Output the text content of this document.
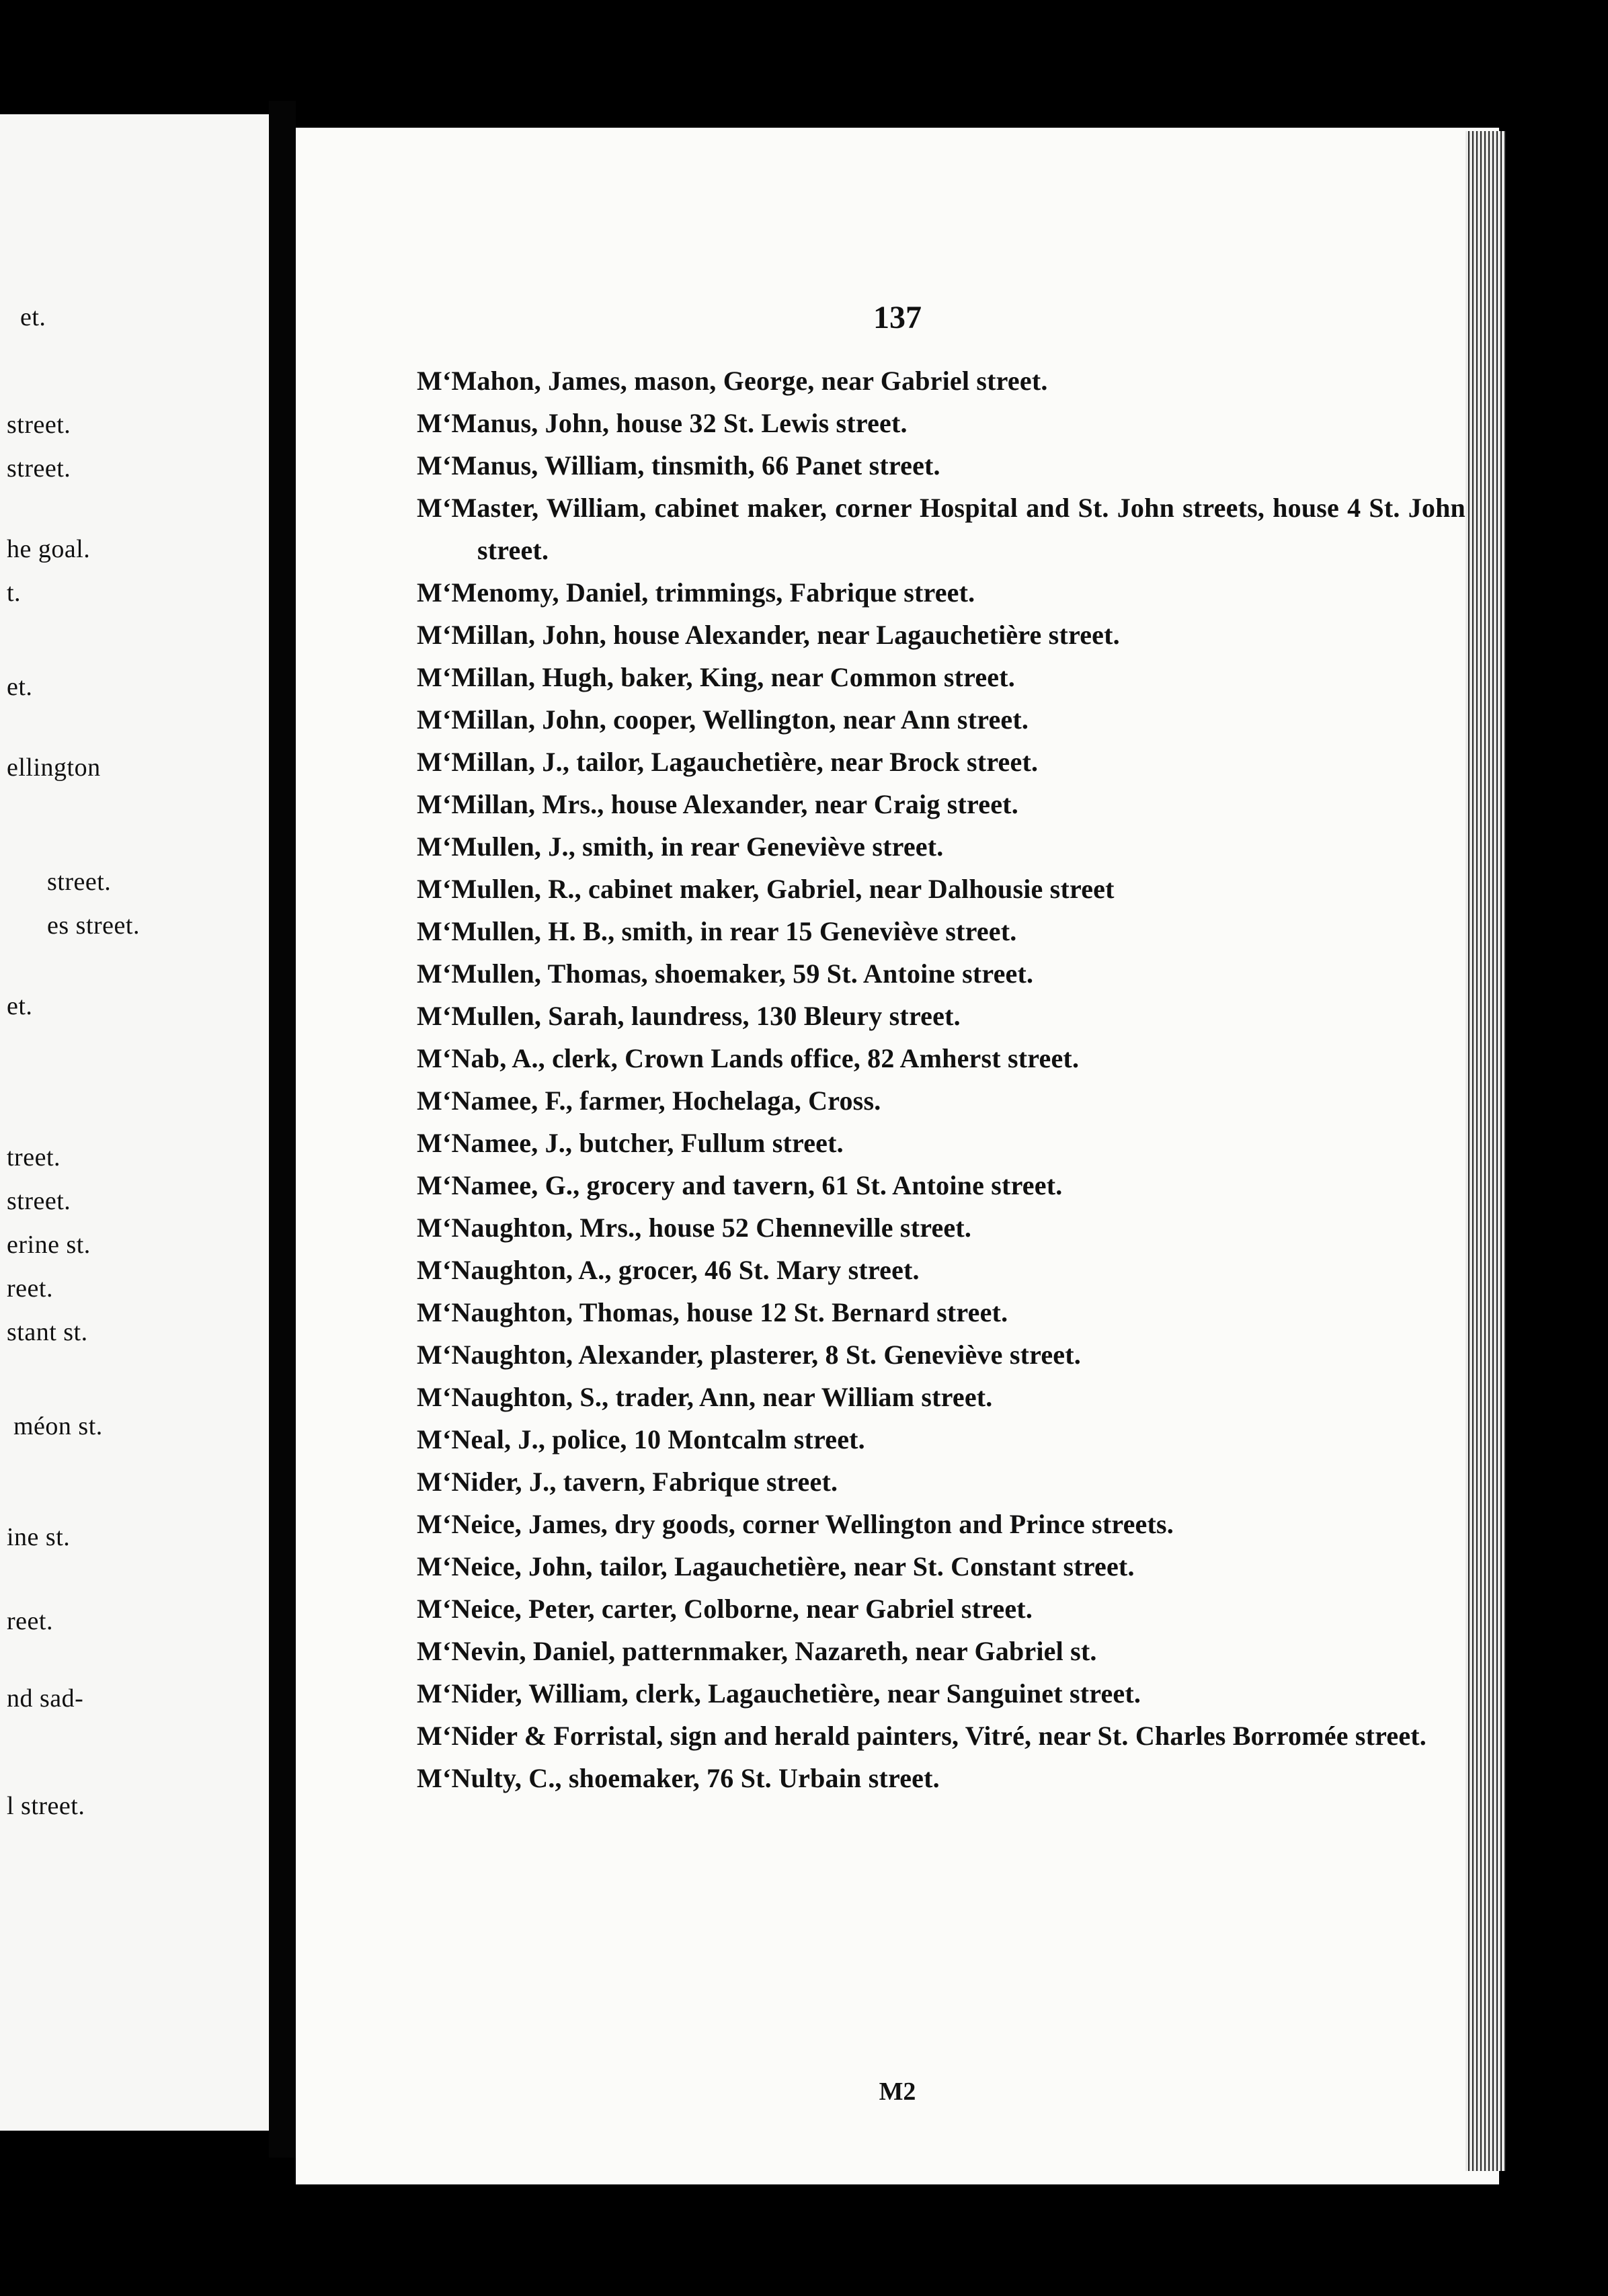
et.
street.
street.
he goal.
t.
et.
ellington
street.
es street.
et.
treet.
street.
erine st.
reet.
stant st.
méon st.
ine st.
reet.
nd sad-
l street.
137
M‘Mahon, James, mason, George, near Gabriel street.
M‘Manus, John, house 32 St. Lewis street.
M‘Manus, William, tinsmith, 66 Panet street.
M‘Master, William, cabinet maker, corner Hospital and St. John streets, house 4 St. John street.
M‘Menomy, Daniel, trimmings, Fabrique street.
M‘Millan, John, house Alexander, near Lagauchetière street.
M‘Millan, Hugh, baker, King, near Common street.
M‘Millan, John, cooper, Wellington, near Ann street.
M‘Millan, J., tailor, Lagauchetière, near Brock street.
M‘Millan, Mrs., house Alexander, near Craig street.
M‘Mullen, J., smith, in rear Geneviève street.
M‘Mullen, R., cabinet maker, Gabriel, near Dalhousie street
M‘Mullen, H. B., smith, in rear 15 Geneviève street.
M‘Mullen, Thomas, shoemaker, 59 St. Antoine street.
M‘Mullen, Sarah, laundress, 130 Bleury street.
M‘Nab, A., clerk, Crown Lands office, 82 Amherst street.
M‘Namee, F., farmer, Hochelaga, Cross.
M‘Namee, J., butcher, Fullum street.
M‘Namee, G., grocery and tavern, 61 St. Antoine street.
M‘Naughton, Mrs., house 52 Chenneville street.
M‘Naughton, A., grocer, 46 St. Mary street.
M‘Naughton, Thomas, house 12 St. Bernard street.
M‘Naughton, Alexander, plasterer, 8 St. Geneviève street.
M‘Naughton, S., trader, Ann, near William street.
M‘Neal, J., police, 10 Montcalm street.
M‘Nider, J., tavern, Fabrique street.
M‘Neice, James, dry goods, corner Wellington and Prince streets.
M‘Neice, John, tailor, Lagauchetière, near St. Constant street.
M‘Neice, Peter, carter, Colborne, near Gabriel street.
M‘Nevin, Daniel, patternmaker, Nazareth, near Gabriel st.
M‘Nider, William, clerk, Lagauchetière, near Sanguinet street.
M‘Nider & Forristal, sign and herald painters, Vitré, near St. Charles Borromée street.
M‘Nulty, C., shoemaker, 76 St. Urbain street.
M2
